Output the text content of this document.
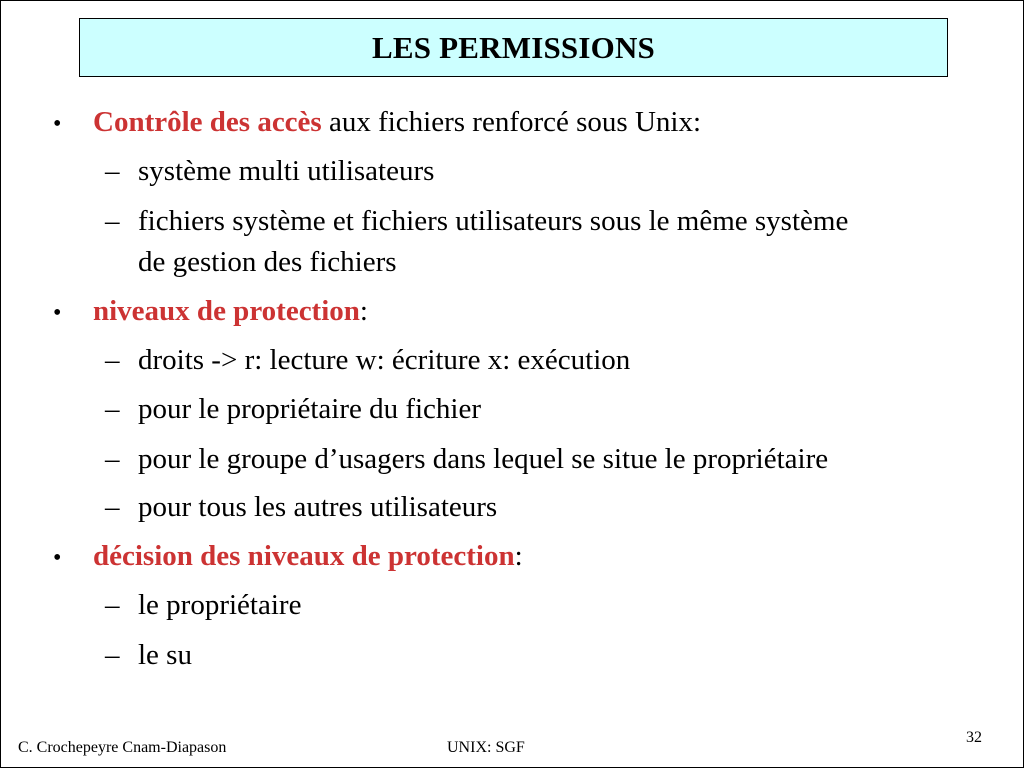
LES PERMISSIONS
• Contrôle des accès aux fichiers renforcé sous Unix:
– système multi utilisateurs
– fichiers système et fichiers utilisateurs sous le même système
de gestion des fichiers
• niveaux de protection:
– droits -> r: lecture w: écriture x: exécution
– pour le propriétaire du fichier
– pour le groupe d’usagers dans lequel se situe le propriétaire
– pour tous les autres utilisateurs
• décision des niveaux de protection:
– le propriétaire
– le su
C. Crochepeyre Cnam-Diapason	UNIX: SGF
32
